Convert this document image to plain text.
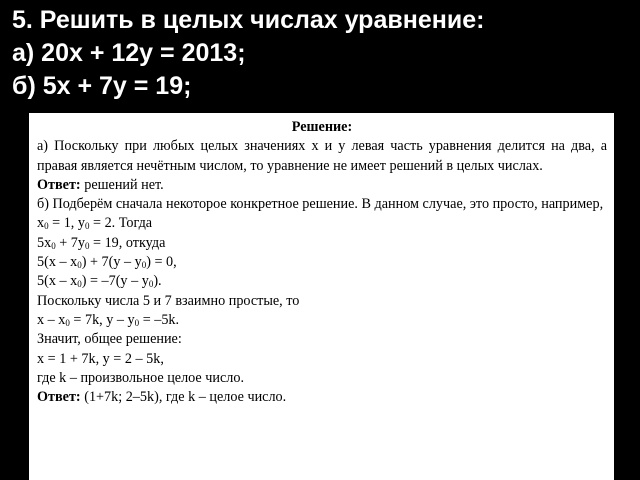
5. Решить в целых числах уравнение:
а) 20x + 12y = 2013;
б) 5x + 7y = 19;
Решение:
а) Поскольку при любых целых значениях x и y левая часть уравнения делится на два, а правая является нечётным числом, то уравнение не имеет решений в целых числах.
Ответ: решений нет.
б) Подберём сначала некоторое конкретное решение. В данном случае, это просто, например,
$x_0 = 1$, $y_0 = 2$. Тогда
$5x_0 + 7y_0 = 19$, откуда
$5(x - x_0) + 7(y - y_0) = 0$,
$5(x - x_0) = -7(y - y_0)$.
Поскольку числа 5 и 7 взаимно простые, то
$x - x_0 = 7k$, $y - y_0 = -5k$.
Значит, общее решение:
x = 1 + 7k, y = 2 – 5k,
где k – произвольное целое число.
Ответ: (1+7k; 2–5k), где k – целое число.
